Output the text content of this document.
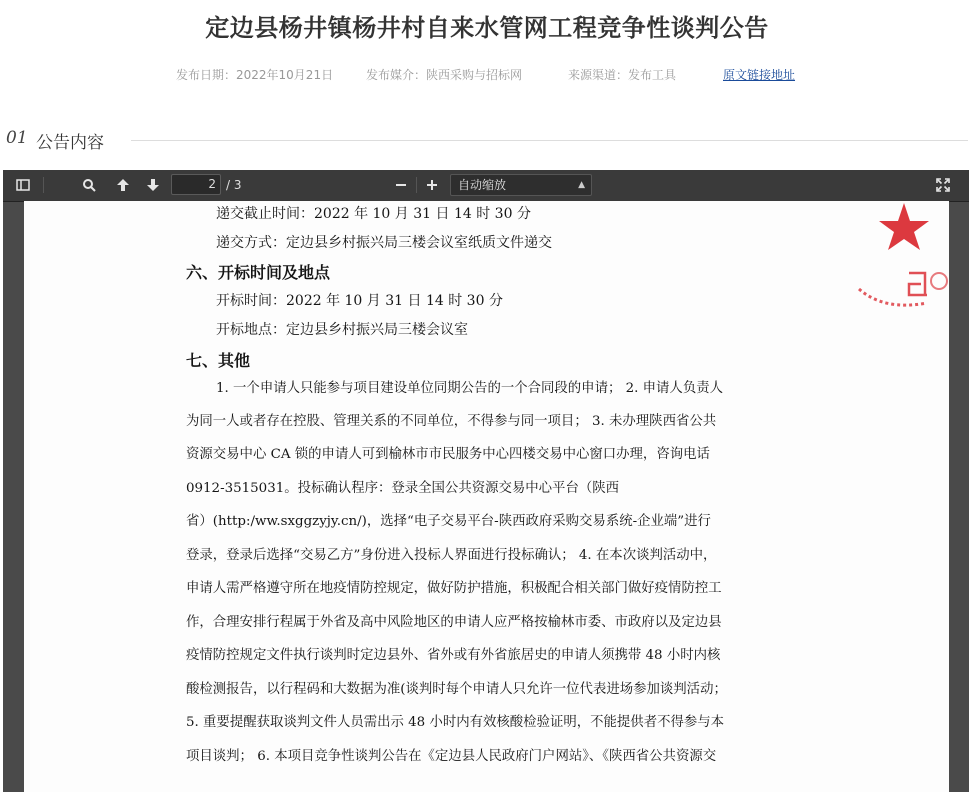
定边县杨井镇杨井村自来水管网工程竞争性谈判公告
发布日期：2022年10月21日	发布媒介：陕西采购与招标网	来源渠道：发布工具	原文链接地址
01 公告内容
2 / 3	自动缩放	▲

递交截止时间：2022 年 10 月 31 日 14 时 30 分
递交方式：定边县乡村振兴局三楼会议室纸质文件递交
六、开标时间及地点
开标时间：2022 年 10 月 31 日 14 时 30 分
开标地点：定边县乡村振兴局三楼会议室
七、其他
1. 一个申请人只能参与项目建设单位同期公告的一个合同段的申请； 2. 申请人负责人
为同一人或者存在控股、管理关系的不同单位，不得参与同一项目； 3. 未办理陕西省公共
资源交易中心 CA 锁的申请人可到榆林市市民服务中心四楼交易中心窗口办理，咨询电话
0912-3515031。投标确认程序：登录全国公共资源交易中心平台（陕西
省）(http:/ww.sxggzyjy.cn/)，选择“电子交易平台-陕西政府采购交易系统-企业端”进行
登录，登录后选择“交易乙方”身份进入投标人界面进行投标确认； 4. 在本次谈判活动中，
申请人需严格遵守所在地疫情防控规定，做好防护措施，积极配合相关部门做好疫情防控工
作，合理安排行程属于外省及高中风险地区的申请人应严格按榆林市委、市政府以及定边县
疫情防控规定文件执行谈判时定边县外、省外或有外省旅居史的申请人须携带 48 小时内核
酸检测报告，以行程码和大数据为准(谈判时每个申请人只允许一位代表进场参加谈判活动；
5. 重要提醒获取谈判文件人员需出示 48 小时内有效核酸检验证明，不能提供者不得参与本
项目谈判； 6. 本项目竞争性谈判公告在《定边县人民政府门户网站》、《陕西省公共资源交
